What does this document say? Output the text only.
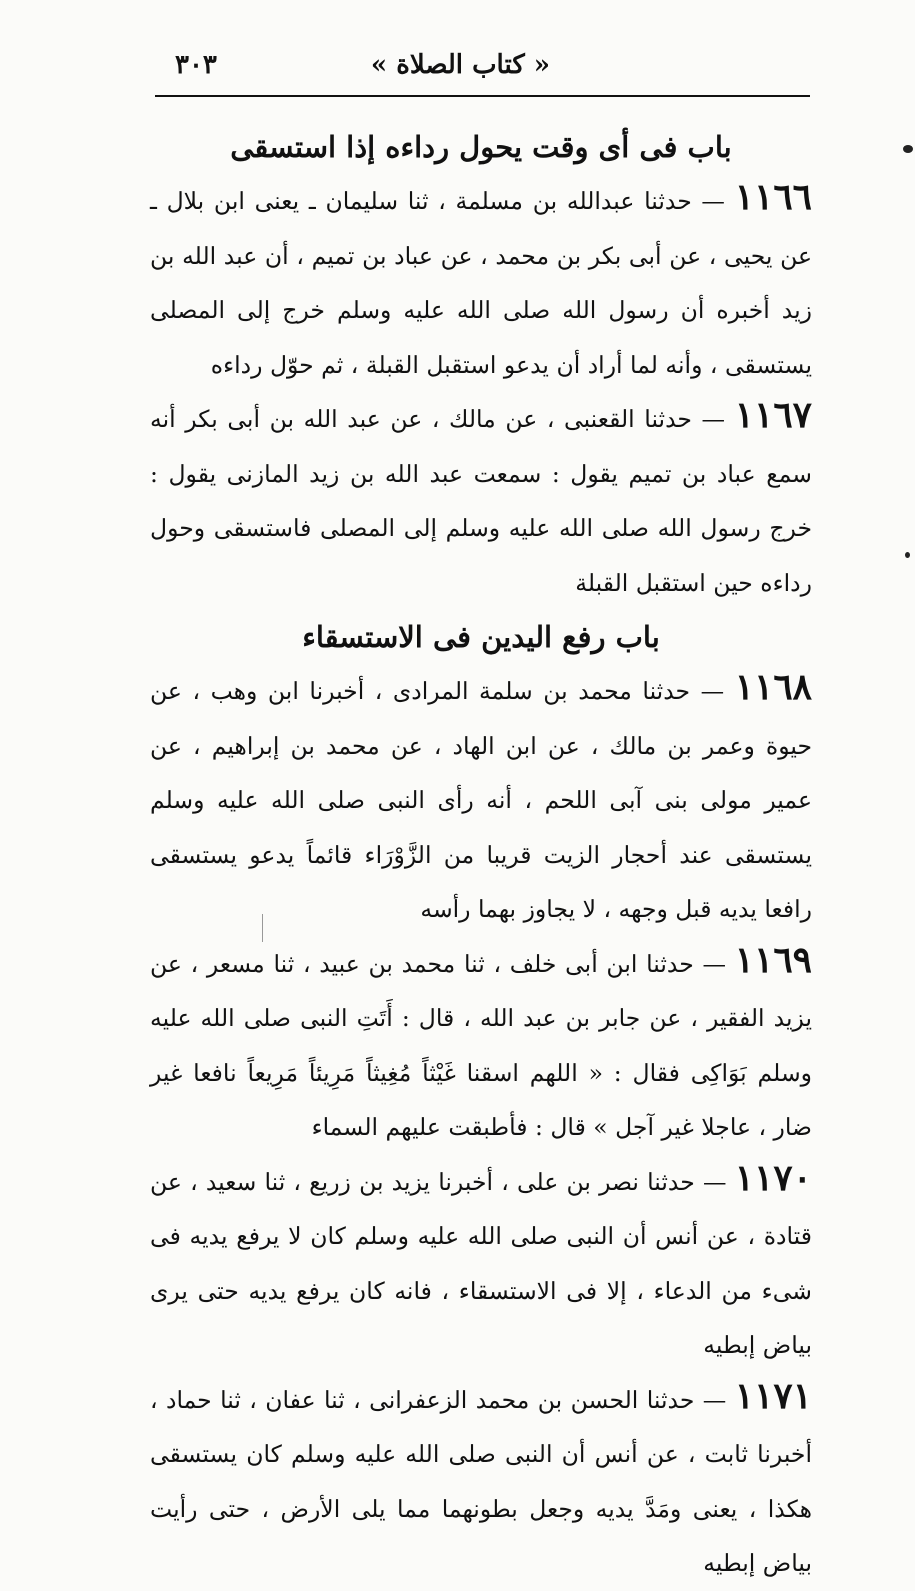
« كتاب الصلاة »
٣٠٣
باب فى أى وقت يحول رداءه إذا استسقى

١١٦٦ — حدثنا عبدالله بن مسلمة ، ثنا سليمان ـ يعنى ابن بلال ـ عن يحيى ، عن أبى بكر بن محمد ، عن عباد بن تميم ، أن عبد الله بن زيد أخبره أن رسول الله صلى الله عليه وسلم خرج إلى المصلى يستسقى ، وأنه لما أراد أن يدعو استقبل القبلة ، ثم حوّل رداءه

١١٦٧ — حدثنا القعنبى ، عن مالك ، عن عبد الله بن أبى بكر أنه سمع عباد بن تميم يقول : سمعت عبد الله بن زيد المازنى يقول : خرج رسول الله صلى الله عليه وسلم إلى المصلى فاستسقى وحول رداءه حين استقبل القبلة

باب رفع اليدين فى الاستسقاء

١١٦٨ — حدثنا محمد بن سلمة المرادى ، أخبرنا ابن وهب ، عن حيوة وعمر بن مالك ، عن ابن الهاد ، عن محمد بن إبراهيم ، عن عمير مولى بنى آبى اللحم ، أنه رأى النبى صلى الله عليه وسلم يستسقى عند أحجار الزيت قريبا من الزَّوْرَاء قائماً يدعو يستسقى رافعا يديه قبل وجهه ، لا يجاوز بهما رأسه

١١٦٩ — حدثنا ابن أبى خلف ، ثنا محمد بن عبيد ، ثنا مسعر ، عن يزيد الفقير ، عن جابر بن عبد الله ، قال : أَتَتِ النبى صلى الله عليه وسلم بَوَاكِى فقال : « اللهم اسقنا غَيْثاً مُغِيثاً مَرِيئاً مَرِيعاً نافعا غير ضار ، عاجلا غير آجل » قال : فأطبقت عليهم السماء

١١٧٠ — حدثنا نصر بن على ، أخبرنا يزيد بن زريع ، ثنا سعيد ، عن قتادة ، عن أنس أن النبى صلى الله عليه وسلم كان لا يرفع يديه فى شىء من الدعاء ، إلا فى الاستسقاء ، فانه كان يرفع يديه حتى يرى بياض إبطيه

١١٧١ — حدثنا الحسن بن محمد الزعفرانى ، ثنا عفان ، ثنا حماد ، أخبرنا ثابت ، عن أنس أن النبى صلى الله عليه وسلم كان يستسقى هكذا ، يعنى ومَدَّ يديه وجعل بطونهما مما يلى الأرض ، حتى رأيت بياض إبطيه
